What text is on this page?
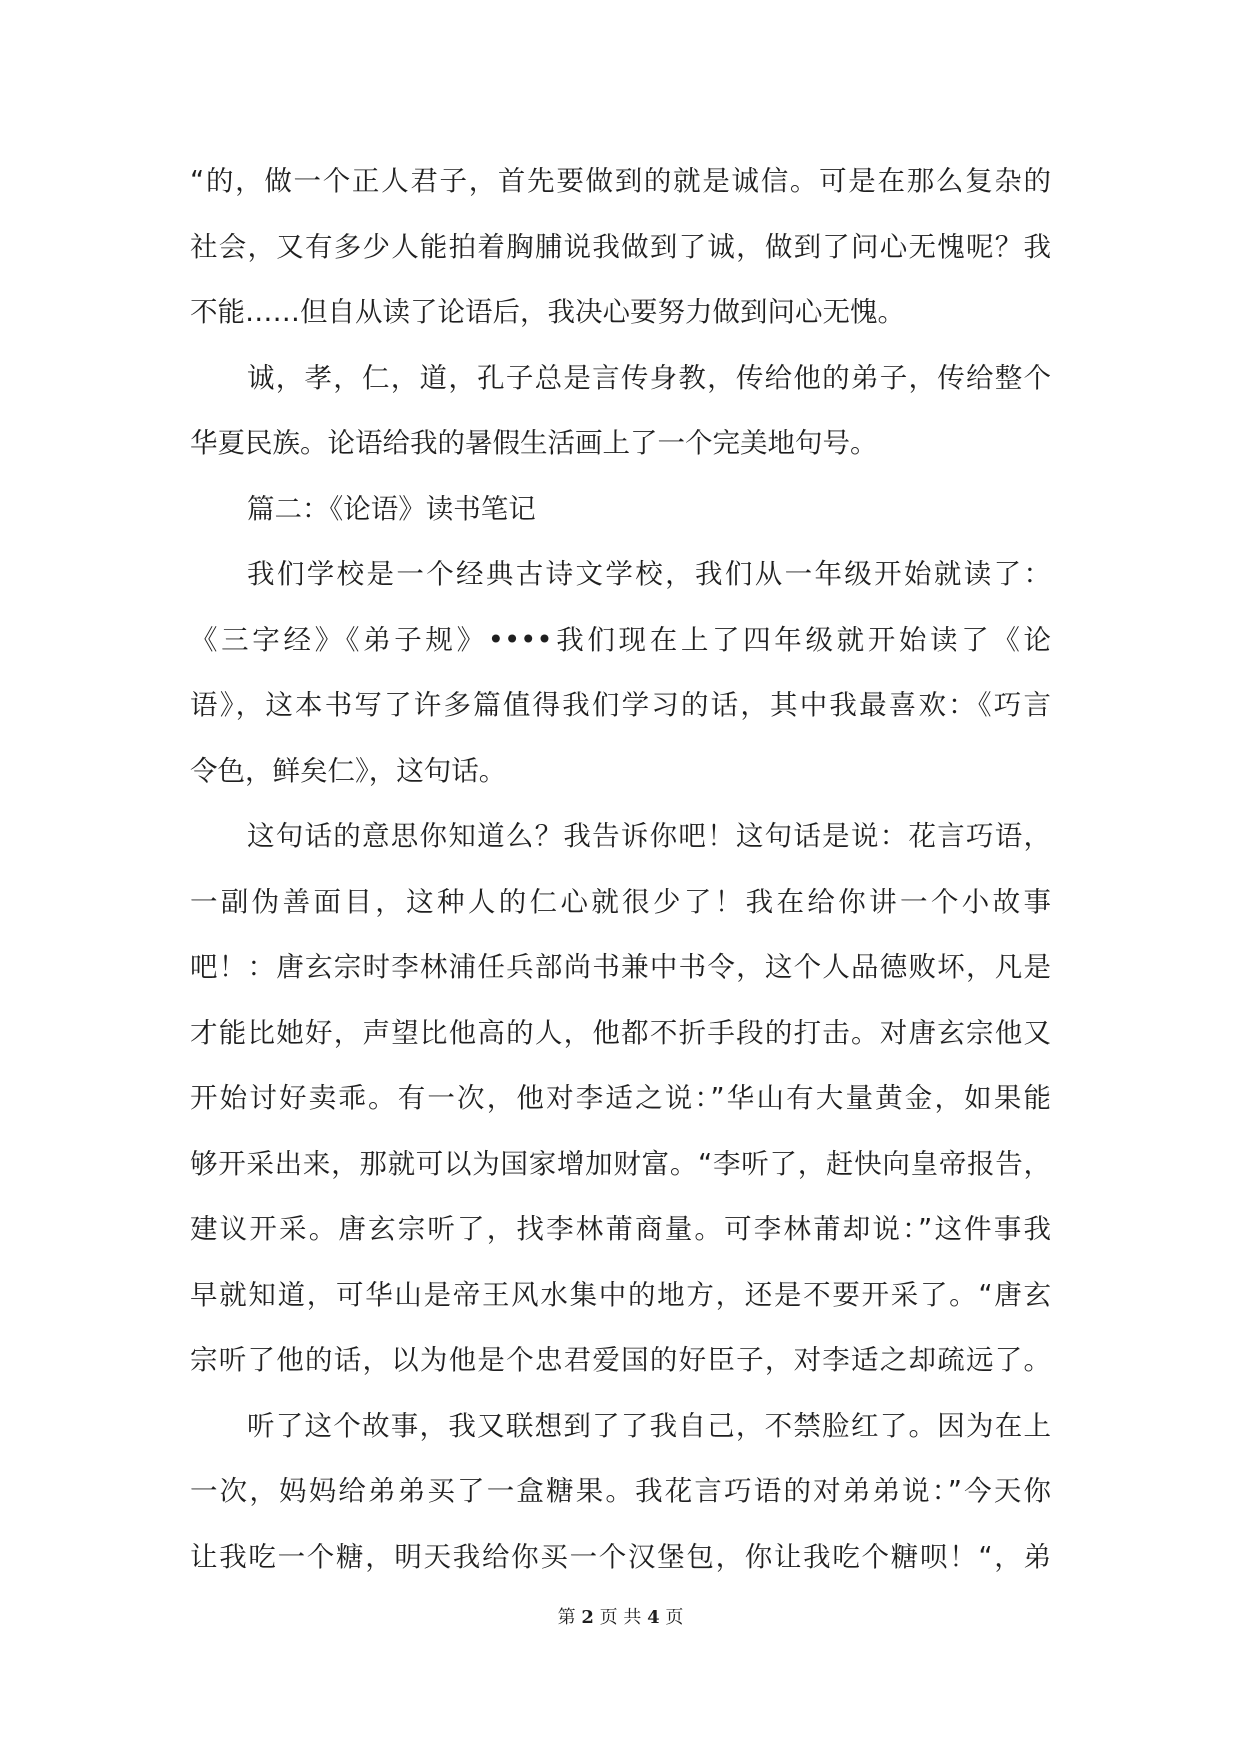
“的，做一个正人君子，首先要做到的就是诚信。可是在那么复杂的
社会，又有多少人能拍着胸脯说我做到了诚，做到了问心无愧呢？我
不能……但自从读了论语后，我决心要努力做到问心无愧。
诚，孝，仁，道，孔子总是言传身教，传给他的弟子，传给整个
华夏民族。论语给我的暑假生活画上了一个完美地句号。
篇二：《论语》读书笔记
我们学校是一个经典古诗文学校，我们从一年级开始就读了：
《三字经》《弟子规》••••我们现在上了四年级就开始读了《论
语》，这本书写了许多篇值得我们学习的话，其中我最喜欢：《巧言
令色，鲜矣仁》，这句话。
这句话的意思你知道么？我告诉你吧！这句话是说：花言巧语，
一副伪善面目，这种人的仁心就很少了！我在给你讲一个小故事
吧！：唐玄宗时李林浦任兵部尚书兼中书令，这个人品德败坏，凡是
才能比她好，声望比他高的人，他都不折手段的打击。对唐玄宗他又
开始讨好卖乖。有一次，他对李适之说：”华山有大量黄金，如果能
够开采出来，那就可以为国家增加财富。“李听了，赶快向皇帝报告，
建议开采。唐玄宗听了，找李林莆商量。可李林莆却说：”这件事我
早就知道，可华山是帝王风水集中的地方，还是不要开采了。“唐玄
宗听了他的话，以为他是个忠君爱国的好臣子，对李适之却疏远了。
听了这个故事，我又联想到了了我自己，不禁脸红了。因为在上
一次，妈妈给弟弟买了一盒糖果。我花言巧语的对弟弟说：”今天你
让我吃一个糖，明天我给你买一个汉堡包，你让我吃个糖呗！“，弟
第 2 页 共 4 页
